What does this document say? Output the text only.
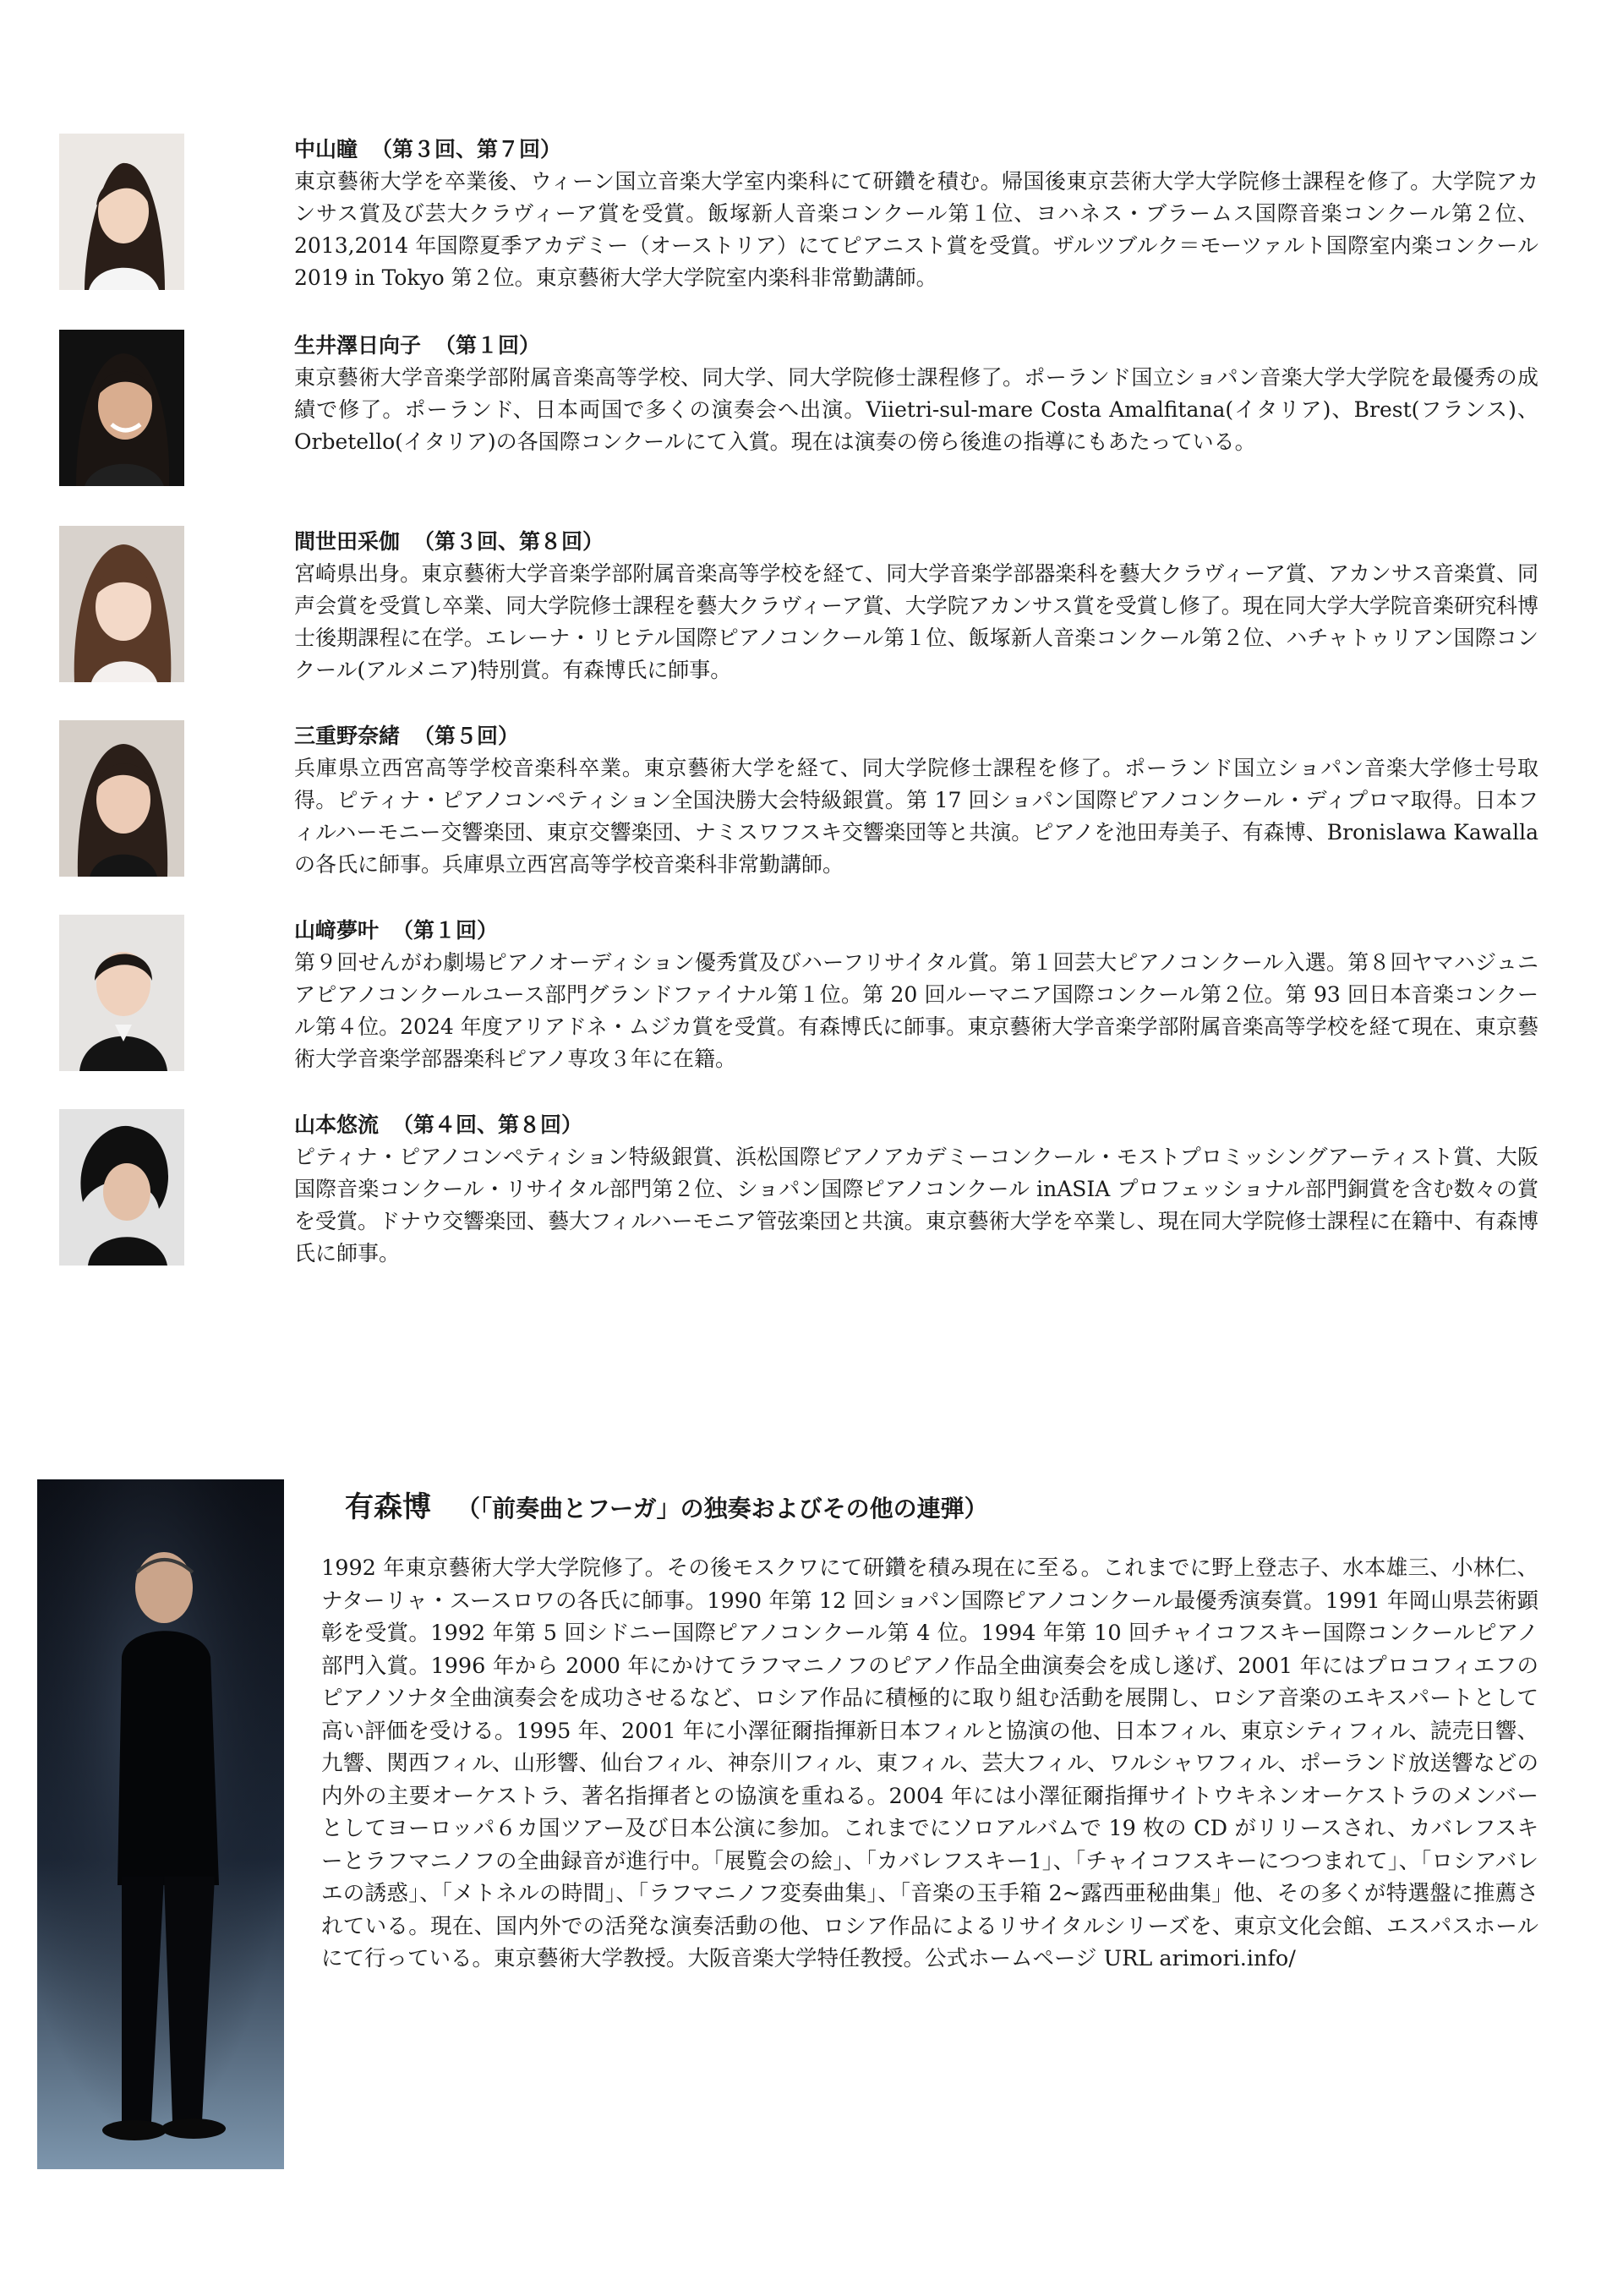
中山瞳 （第３回、第７回）

東京藝術大学を卒業後、ウィーン国立音楽大学室内楽科にて研鑽を積む。帰国後東京芸術大学大学院修士課程を修了。大学院アカンサス賞及び芸大クラヴィーア賞を受賞。飯塚新人音楽コンクール第１位、ヨハネス・ブラームス国際音楽コンクール第２位、2013,2014 年国際夏季アカデミー（オーストリア）にてピアニスト賞を受賞。ザルツブルク＝モーツァルト国際室内楽コンクール 2019 in Tokyo 第２位。東京藝術大学大学院室内楽科非常勤講師。

生井澤日向子 （第１回）

東京藝術大学音楽学部附属音楽高等学校、同大学、同大学院修士課程修了。ポーランド国立ショパン音楽大学大学院を最優秀の成績で修了。ポーランド、日本両国で多くの演奏会へ出演。Viietri-sul-mare Costa Amalfitana(イタリア)、Brest(フランス)、Orbetello(イタリア)の各国際コンクールにて入賞。現在は演奏の傍ら後進の指導にもあたっている。

間世田采伽 （第３回、第８回）

宮崎県出身。東京藝術大学音楽学部附属音楽高等学校を経て、同大学音楽学部器楽科を藝大クラヴィーア賞、アカンサス音楽賞、同声会賞を受賞し卒業、同大学院修士課程を藝大クラヴィーア賞、大学院アカンサス賞を受賞し修了。現在同大学大学院音楽研究科博士後期課程に在学。エレーナ・リヒテル国際ピアノコンクール第１位、飯塚新人音楽コンクール第２位、ハチャトゥリアン国際コンクール(アルメニア)特別賞。有森博氏に師事。

三重野奈緒 （第５回）

兵庫県立西宮高等学校音楽科卒業。東京藝術大学を経て、同大学院修士課程を修了。ポーランド国立ショパン音楽大学修士号取得。ピティナ・ピアノコンペティション全国決勝大会特級銀賞。第 17 回ショパン国際ピアノコンクール・ディプロマ取得。日本フィルハーモニー交響楽団、東京交響楽団、ナミスワフスキ交響楽団等と共演。ピアノを池田寿美子、有森博、Bronislawa Kawalla の各氏に師事。兵庫県立西宮高等学校音楽科非常勤講師。

山﨑夢叶 （第１回）

第９回せんがわ劇場ピアノオーディション優秀賞及びハーフリサイタル賞。第１回芸大ピアノコンクール入選。第８回ヤマハジュニアピアノコンクールユース部門グランドファイナル第１位。第 20 回ルーマニア国際コンクール第２位。第 93 回日本音楽コンクール第４位。2024 年度アリアドネ・ムジカ賞を受賞。有森博氏に師事。東京藝術大学音楽学部附属音楽高等学校を経て現在、東京藝術大学音楽学部器楽科ピアノ専攻３年に在籍。

山本悠流 （第４回、第８回）

ピティナ・ピアノコンペティション特級銀賞、浜松国際ピアノアカデミーコンクール・モストプロミッシングアーティスト賞、大阪国際音楽コンクール・リサイタル部門第２位、ショパン国際ピアノコンクール inASIA プロフェッショナル部門銅賞を含む数々の賞を受賞。ドナウ交響楽団、藝大フィルハーモニア管弦楽団と共演。東京藝術大学を卒業し、現在同大学院修士課程に在籍中、有森博氏に師事。

有森博 （「前奏曲とフーガ」の独奏およびその他の連弾）

1992 年東京藝術大学大学院修了。その後モスクワにて研鑽を積み現在に至る。これまでに野上登志子、水本雄三、小林仁、ナターリャ・スースロワの各氏に師事。1990 年第 12 回ショパン国際ピアノコンクール最優秀演奏賞。1991 年岡山県芸術顕彰を受賞。1992 年第 5 回シドニー国際ピアノコンクール第 4 位。1994 年第 10 回チャイコフスキー国際コンクールピアノ部門入賞。1996 年から 2000 年にかけてラフマニノフのピアノ作品全曲演奏会を成し遂げ、2001 年にはプロコフィエフのピアノソナタ全曲演奏会を成功させるなど、ロシア作品に積極的に取り組む活動を展開し、ロシア音楽のエキスパートとして高い評価を受ける。1995 年、2001 年に小澤征爾指揮新日本フィルと協演の他、日本フィル、東京シティフィル、読売日響、九響、関西フィル、山形響、仙台フィル、神奈川フィル、東フィル、芸大フィル、ワルシャワフィル、ポーランド放送響などの内外の主要オーケストラ、著名指揮者との協演を重ねる。2004 年には小澤征爾指揮サイトウキネンオーケストラのメンバーとしてヨーロッパ６カ国ツアー及び日本公演に参加。これまでにソロアルバムで 19 枚の CD がリリースされ、カバレフスキーとラフマニノフの全曲録音が進行中。「展覧会の絵」、「カバレフスキー1」、「チャイコフスキーにつつまれて」、「ロシアバレエの誘惑」、「メトネルの時間」、「ラフマニノフ変奏曲集」、「音楽の玉手箱 2~露西亜秘曲集」他、その多くが特選盤に推薦されている。現在、国内外での活発な演奏活動の他、ロシア作品によるリサイタルシリーズを、東京文化会館、エスパスホールにて行っている。東京藝術大学教授。大阪音楽大学特任教授。公式ホームページ URL arimori.info/
